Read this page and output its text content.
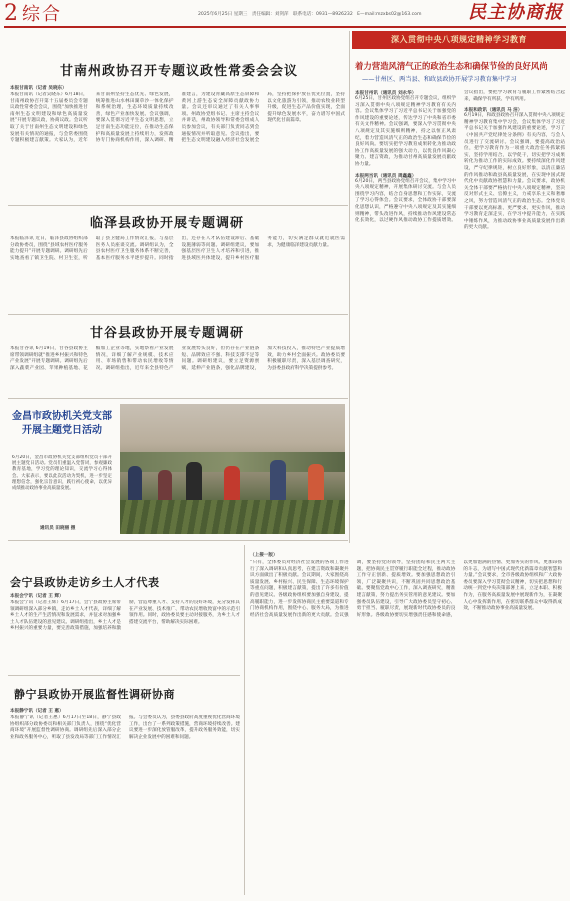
2 综合	2025年6月25日 星期三 责任编辑：刘剑萍 联系电话：0931—8926232 E—mail:mzxbs02@163.com	民主协商报
甘南州政协召开专题议政性常委会会议
本报甘南讯（记者 吴晓东）
本报甘南讯（记者吴晓东）6月18日，甘南州政协召开第十五届委员会专题议政性常委会会议，围绕“加快推进甘南州生态文明建设和绿色高质量发展”开展专题议政，协商议政。会议听取了关于甘南州生态文明建设和绿色发展有关情况的通报，与会常委围绕专题积极建言献策。大家认为，近年来甘南州坚持生态优先、绿色发展，统筹推进山水林田湖草沙一体化保护和系统治理，生态环境质量持续改善，绿色产业加快发展。会议强调，要深入贯彻习近平生态文明思想，立足甘南生态功能定位，在推动生态保护和高质量发展上持续用力，发挥政协专门协商机构作用，深入调研、精准建言，为建设青藏高原生态屏障和黄河上游生态安全屏障贡献政协力量。会议还审议通过了有关人事事项。州政协党组书记、主席主持会议并讲话，州政协领导和常委会组成人员参加会议，有关部门负责同志到会通报情况并听取意见。会议指出，要把生态文明建设融入经济社会发展全局，坚持把保护放在优先位置，坚持以文化旅游为引领，推动农牧业转型升级，促进生态产品价值实现，全面提升绿色发展水平，奋力谱写中国式现代化甘南篇章。
临泽县政协开展专题调研
本报临泽讯 近日，临泽县政协组织部分政协委员，围绕“县域农村医疗服务能力提升”开展专题调研。调研组先后实地查看了镇卫生院、村卫生室，听取了县卫健局工作情况汇报，与基层医务人员座谈交流。调研组认为，全县农村医疗卫生服务体系不断完善，基本医疗服务水平逐步提升。同时指出，还存在人才队伍建设滞后、基础设施薄弱等问题。调研组建议，要加强基层医疗卫生人才培养和引进，推进县域医共体建设，提升乡村医疗服务能力，切实满足群众就近就医需求，为健康临泽建设贡献力量。
甘谷县政协开展专题调研
本报甘谷讯 6月19日，甘谷县政协主席带领调研组就“推进乡村振兴和特色产业发展”开展专题调研。调研组先后深入蔬菜产业园、苹果种植基地、花椒加工企业等地，实地察看产业发展情况，详细了解产业规模、技术应用、市场销售和带动农民增收等情况。调研组指出，近年来全县特色产业发展势头良好，但仍存在产业链条短、品牌效应不强、科技支撑不足等问题。调研组建议，要立足资源禀赋，延伸产业链条，强化品牌建设，加大科技投入，推动特色产业提质增效，助力乡村全面振兴。政协委员要积极履职尽责，深入基层调查研究，为县委县政府科学决策提供参考。
金昌市政协机关党支部开展主题党日活动
6月20日，金昌市政协机关党支部组织党员干部开展主题党日活动。党员们重温入党誓词，参观廉政教育基地，学习党的理论知识，交流学习心得体会。大家表示，要以此次活动为契机，进一步坚定理想信念，强化宗旨意识，践行初心使命，以优异成绩推动政协事业高质量发展。
通讯员 田晓丽 摄
会宁县政协走访乡土人才代表
本报会宁讯（记者 王 辉）
本报会宁讯（记者王辉）6月17日，会宁县政协主席带领调研组深入部分乡镇，走访乡土人才代表，详细了解乡土人才的生产生活情况和发展需求，并征求对加强乡土人才队伍建设的意见建议。调研组指出，乡土人才是乡村振兴的重要力量，要完善政策措施，加强培养和激励，营造尊重人才、支持人才的良好环境，充分发挥其在产业发展、技术推广、带动农民增收致富中的示范引领作用。同时，政协委员要主动对接服务，为乡土人才搭建交流平台，帮助解决实际困难。
静宁县政协开展监督性调研协商
本报静宁讯（记者 王 惠）
本报静宁讯（记者王惠）6月17日至18日，静宁县政协组织部分政协委员和相关部门负责人，围绕“优化营商环境”开展监督性调研协商。调研组先后深入部分企业和政务服务中心，听取了县发改局等部门工作情况汇报。与会委员认为，县委县政府高度重视优化营商环境工作，出台了一系列政策措施，营商环境持续改善。建议要进一步深化放管服改革，提升政务服务效能，切实解决企业发展中的困难和问题。
（上接一版）
“只有，全体委员对经济社会发展的各项工作进行了深入调研和认真思考，在建言资政和凝聚共识方面做出了积极贡献。会议期间，大家围绕高质量发展、乡村振兴、民生保障、生态环境保护等重点问题，积极建言献策，提出了许多有价值的意见建议。各级政协组织要加强自身建设，提高履职能力，进一步发挥协商民主重要渠道和专门协商机构作用，围绕中心、服务大局，为推进经济社会高质量发展作出新的更大贡献。会议强调，要坚持党的领导，坚持团结和民主两大主题，把协商民主贯穿履行职能全过程，推动政协工作守正创新、提质增效。要加强思想政治引领，广泛凝聚共识，不断巩固共同思想政治基础。要聚焦党政中心工作，深入调查研究，精准建言献策，努力提出务实管用的意见建议。要加强委员队伍建设，引导广大政协委员坚守初心、勇于担当、履职尽责，展现新时代政协委员的良好形象。各级政协要切实增强责任感和使命感，以更加饱满的热情、更加务实的作风、更加昂扬的斗志，为谱写中国式现代化新篇章贡献智慧和力量。”会议要求，全市各级政协组织和广大政协委员要深入学习贯彻会议精神，切实把思想和行动统一到党中央决策部署上来，立足本职、积极作为，在服务高质量发展中展现新作为，在凝聚人心中发挥新作用，在密切联系群众中取得新成效，不断推动政协事业高质量发展。
深入贯彻中央八项规定精神学习教育
着力营造风清气正的政治生态和确保节俭的良好风尚
——甘州区、两当县、和政县政协开展学习教育集中学习
本报甘州讯（通讯员 刘永华）
6月25日，甘州区政协党组召开专题会议，组织学习深入贯彻中央八项规定精神学习教育有关内容。会议集体学习了习近平总书记关于加强党的作风建设的重要论述，传达学习了中央和省市委有关文件精神。会议强调，要深入学习贯彻中央八项规定及其实施细则精神，持之以恒正风肃纪，着力营造风清气正的政治生态和确保节俭的良好风尚。要切实把学习教育成果转化为推动政协工作高质量发展的强大动力，以优良作风凝心聚力、建言资政，为推动甘州高质量发展贡献政协力量。
本报两当讯（通讯员 周鑫鑫）
6月20日，两当县政协党组召开会议，集中学习中央八项规定精神，开展集体研讨交流。与会人员围绕学习内容，结合自身思想和工作实际，交流了学习心得体会。会议要求，全体政协干部要深化思想认识，严格遵守中央八项规定及其实施细则精神，带头改进作风，持续推动作风建设常态化长效化，以过硬作风推动政协工作提质增效。会议指出，要把学习教育与履职工作紧密结合起来，确保学有所获、学有所用。
本报和政讯（通讯员 马 洁）
6月19日，和政县政协召开深入贯彻中央八项规定精神学习教育集中学习会，会议集体学习了习近平总书记关于加强作风建设的重要论述，学习了《中国共产党纪律处分条例》有关内容，与会人员进行了交流研讨。会议强调，要提高政治站位，把学习教育作为一项重大政治任务抓紧抓实，坚持学用结合，以学促干，切实把学习成果转化为推动工作的实际成效。要持续深化作风建设，严守纪律规矩，树立良好形象，以清正廉洁的作风推动和政县高质量发展，在实现中国式现代化中贡献政协智慧和力量。会议要求，政协机关全体干部要严格执行中央八项规定精神，坚决反对形式主义、官僚主义，力戒享乐主义和奢靡之风，努力营造风清气正的政治生态。全体党员干部要以更高标准、更严要求、更实作风，推动学习教育走深走实，在学习中提升能力，在实践中锤炼作风，为推动政协事业高质量发展作出新的更大贡献。
